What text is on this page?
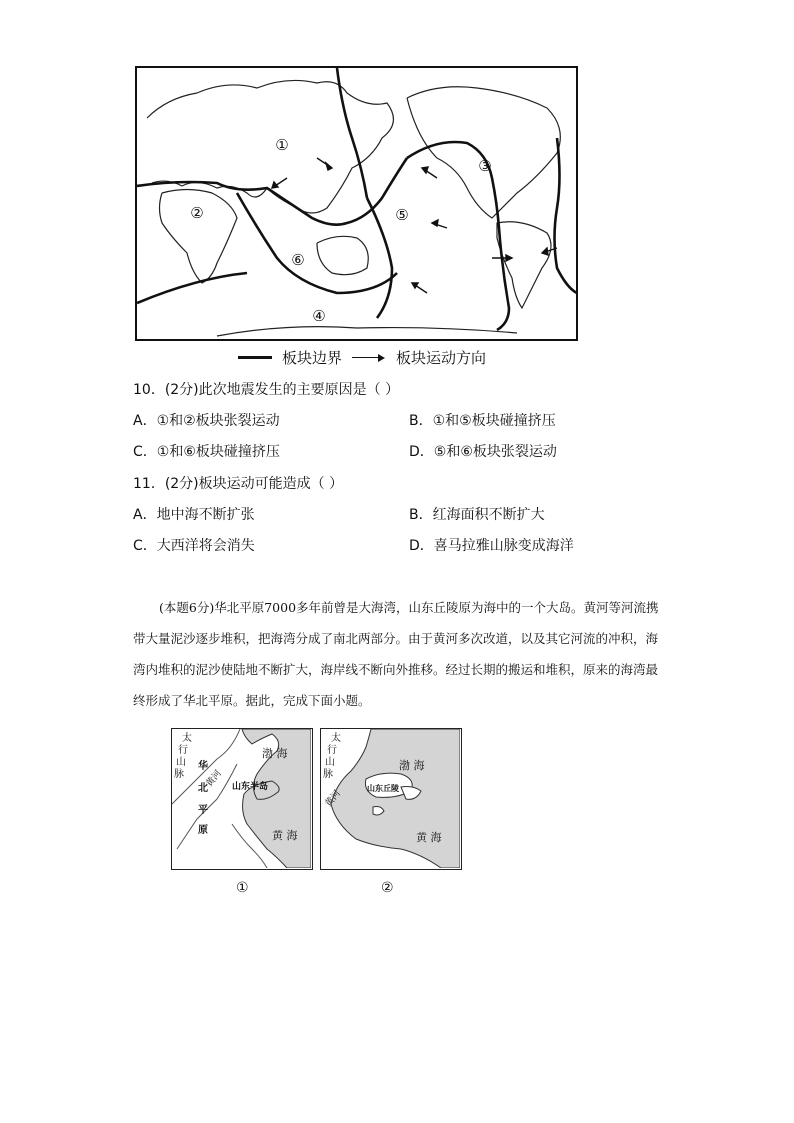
①
②
③
④
⑤
⑥
板块边界	板块运动方向
10．(2分)此次地震发生的主要原因是（ ）
A．①和②板块张裂运动	B．①和⑤板块碰撞挤压
C．①和⑥板块碰撞挤压	D．⑤和⑥板块张裂运动
11．(2分)板块运动可能造成（ ）
A．地中海不断扩张	B．红海面积不断扩大
C．大西洋将会消失	D．喜马拉雅山脉变成海洋
(本题6分)华北平原7000多年前曾是大海湾，山东丘陵原为海中的一个大岛。黄河等河流携带大量泥沙逐步堆积，把海湾分成了南北两部分。由于黄河多次改道，以及其它河流的冲积，海湾内堆积的泥沙使陆地不断扩大，海岸线不断向外推移。经过长期的搬运和堆积，原来的海湾最终形成了华北平原。据此，完成下面小题。
太
行
山
脉
华
北
平
原
黄河
渤 海
山东半岛
黄 海
①
太
行
山
脉
黄河
渤 海
山东丘陵
黄 海
②
